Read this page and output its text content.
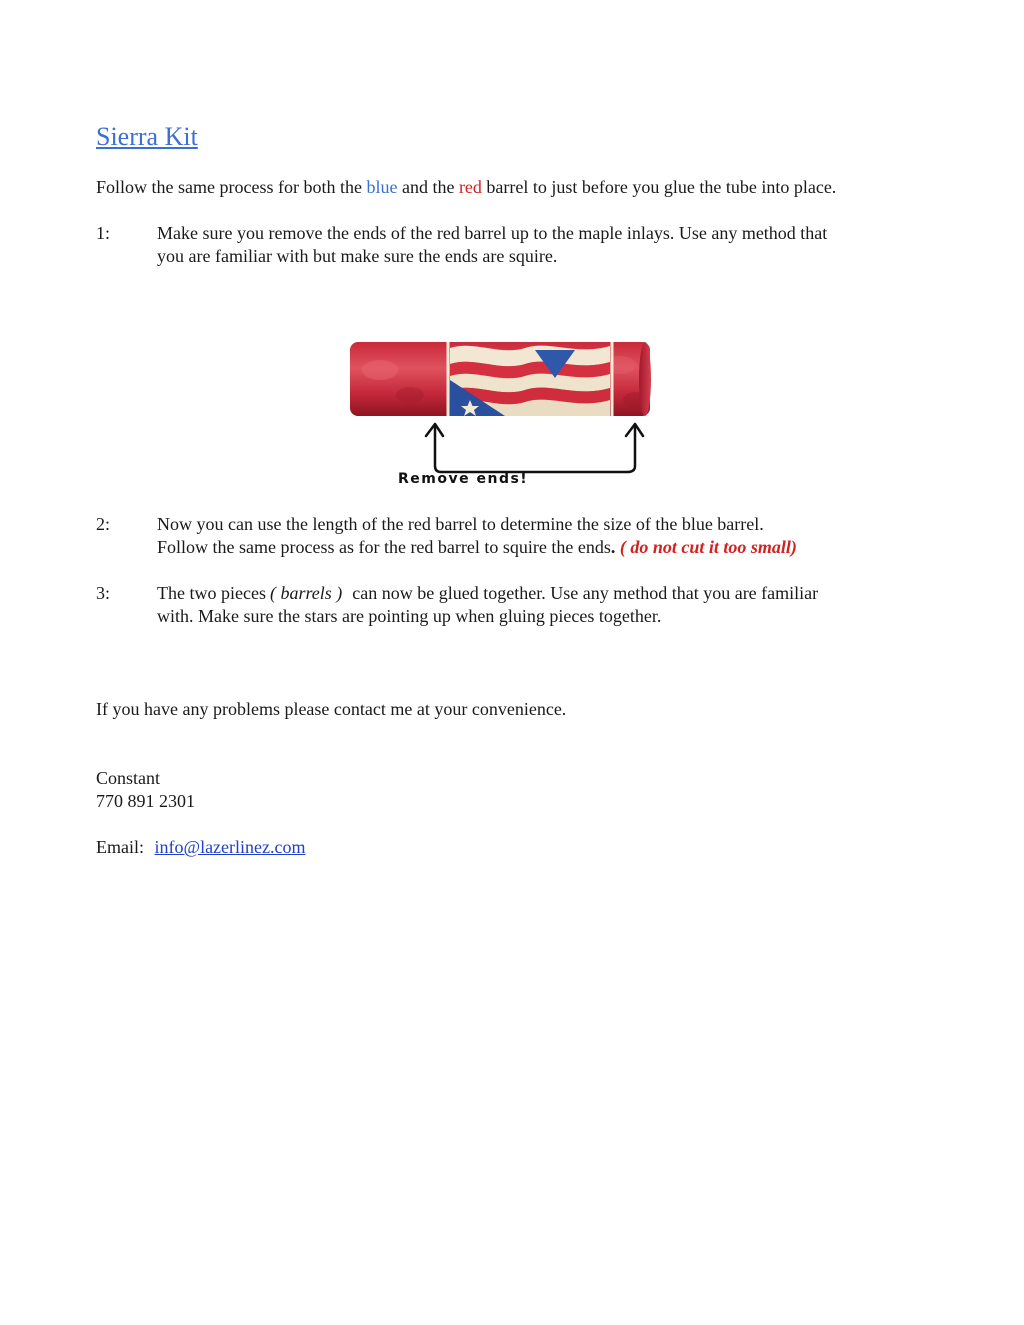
Sierra Kit
Follow the same process for both the blue and the red barrel to just before you glue the tube into place.
1:	Make sure you remove the ends of the red barrel up to the maple inlays. Use any method that
you are familiar with but make sure the ends are squire.
Remove ends!
2:	Now you can use the length of the red barrel to determine the size of the blue barrel.
Follow the same process as for the red barrel to squire the ends. ( do not cut it too small)
3:	The two pieces ( barrels ) can now be glued together. Use any method that you are familiar
with. Make sure the stars are pointing up when gluing pieces together.
If you have any problems please contact me at your convenience.
Constant
770 891 2301
Email: info@lazerlinez.com
